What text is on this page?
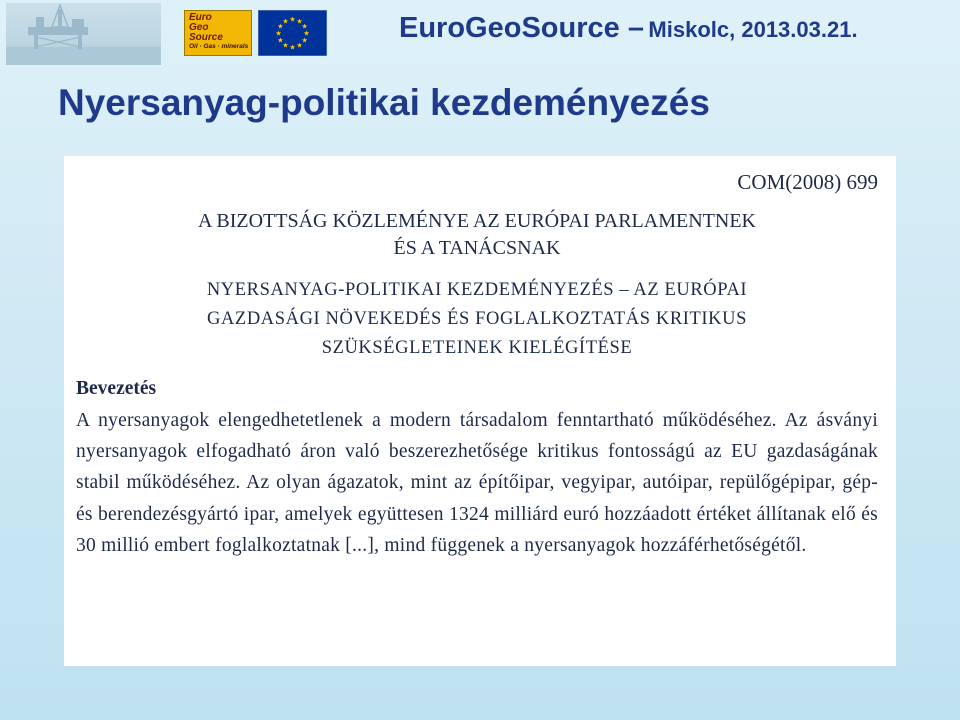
Euro
Geo
Source
Oil · Gas · minerals
★ ★
★
★
★
★
★
★
★
★
★
★	EuroGeoSource – Miskolc, 2013.03.21.
Nyersanyag-politikai kezdeményezés
COM(2008) 699
A BIZOTTSÁG KÖZLEMÉNYE AZ EURÓPAI PARLAMENTNEK
ÉS A TANÁCSNAK
NYERSANYAG-POLITIKAI KEZDEMÉNYEZÉS – AZ EURÓPAI
GAZDASÁGI NÖVEKEDÉS ÉS FOGLALKOZTATÁS KRITIKUS
SZÜKSÉGLETEINEK KIELÉGÍTÉSE
Bevezetés
A nyersanyagok elengedhetetlenek a modern társadalom fenntartható működéséhez. Az ásványi nyersanyagok elfogadható áron való beszerezhetősége kritikus fontosságú az EU gazdaságának stabil működéséhez. Az olyan ágazatok, mint az építőipar, vegyipar, autóipar, repülőgépipar, gép- és berendezésgyártó ipar, amelyek együttesen 1324 milliárd euró hozzáadott értéket állítanak elő és 30 millió embert foglalkoztatnak [...], mind függenek a nyersanyagok hozzáférhetőségétől.
